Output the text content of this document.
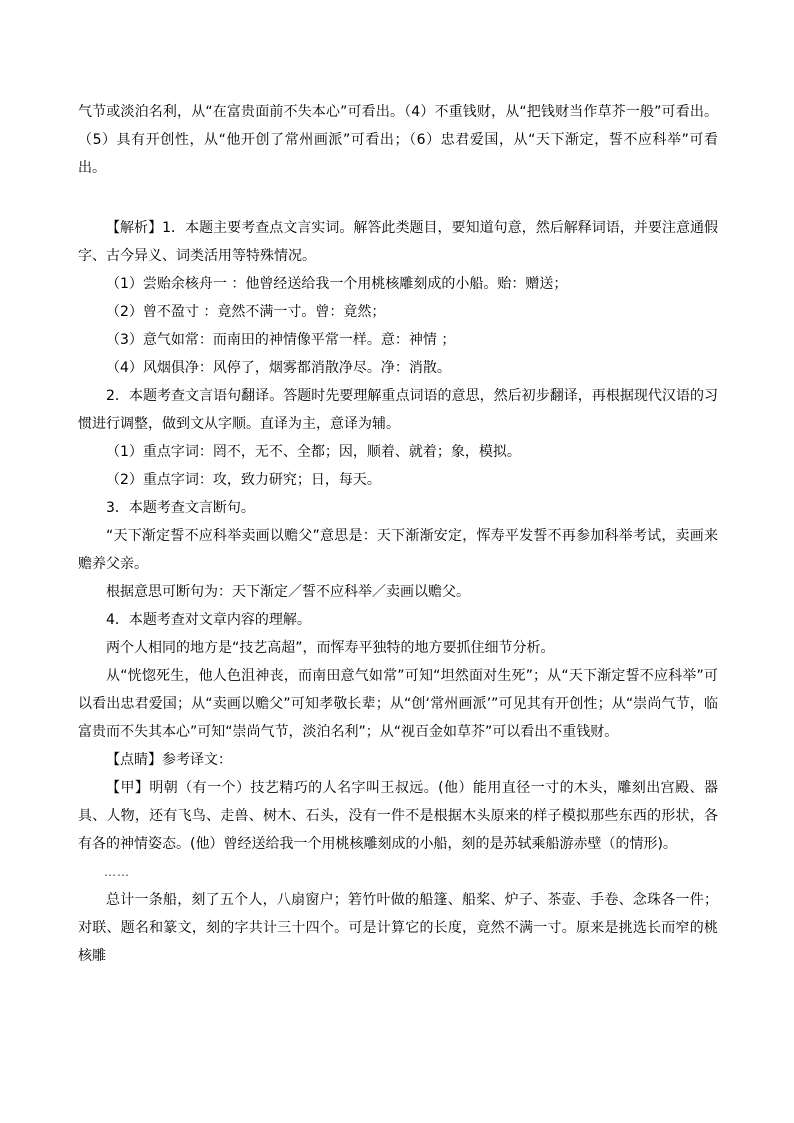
气节或淡泊名利，从“在富贵面前不失本心”可看出。（4）不重钱财，从“把钱财当作草芥一般”可看出。（5）具有开创性，从“他开创了常州画派”可看出；（6）忠君爱国，从“天下渐定，誓不应科举”可看出。

【解析】1．本题主要考查点文言实词。解答此类题目，要知道句意，然后解释词语，并要注意通假字、古今异义、词类活用等特殊情况。

（1）尝贻余核舟一 ：他曾经送给我一个用桃核雕刻成的小船。贻：赠送；

（2）曾不盈寸 ：竟然不满一寸。曾：竟然；

（3）意气如常：而南田的神情像平常一样。意：神情 ；

（4）风烟俱净：风停了，烟雾都消散净尽。净：消散。

2．本题考查文言语句翻译。答题时先要理解重点词语的意思，然后初步翻译，再根据现代汉语的习惯进行调整，做到文从字顺。直译为主，意译为辅。

（1）重点字词：罔不，无不、全都；因，顺着、就着；象，模拟。

（2）重点字词：攻，致力研究；日，每天。

3．本题考查文言断句。

“天下渐定誓不应科举卖画以赡父”意思是：天下渐渐安定，恽寿平发誓不再参加科举考试，卖画来赡养父亲。

根据意思可断句为：天下渐定／誓不应科举／卖画以赡父。

4．本题考查对文章内容的理解。

两个人相同的地方是“技艺高超”，而恽寿平独特的地方要抓住细节分析。

从“恍惚死生，他人色沮神丧，而南田意气如常”可知“坦然面对生死”；从“天下渐定誓不应科举”可以看出忠君爱国；从“卖画以赡父”可知孝敬长辈；从“创‘常州画派’”可见其有开创性；从“崇尚气节，临富贵而不失其本心”可知“崇尚气节，淡泊名利”；从“视百金如草芥”可以看出不重钱财。

【点睛】参考译文：

【甲】明朝（有一个）技艺精巧的人名字叫王叔远。(他）能用直径一寸的木头，雕刻出宫殿、器具、人物，还有飞鸟、走兽、树木、石头，没有一件不是根据木头原来的样子模拟那些东西的形状，各有各的神情姿态。(他）曾经送给我一个用桃核雕刻成的小船，刻的是苏轼乘船游赤壁（的情形)。

……

总计一条船，刻了五个人，八扇窗户；箬竹叶做的船篷、船桨、炉子、茶壶、手卷、念珠各一件；对联、题名和篆文，刻的字共计三十四个。可是计算它的长度，竟然不满一寸。原来是挑选长而窄的桃核雕
